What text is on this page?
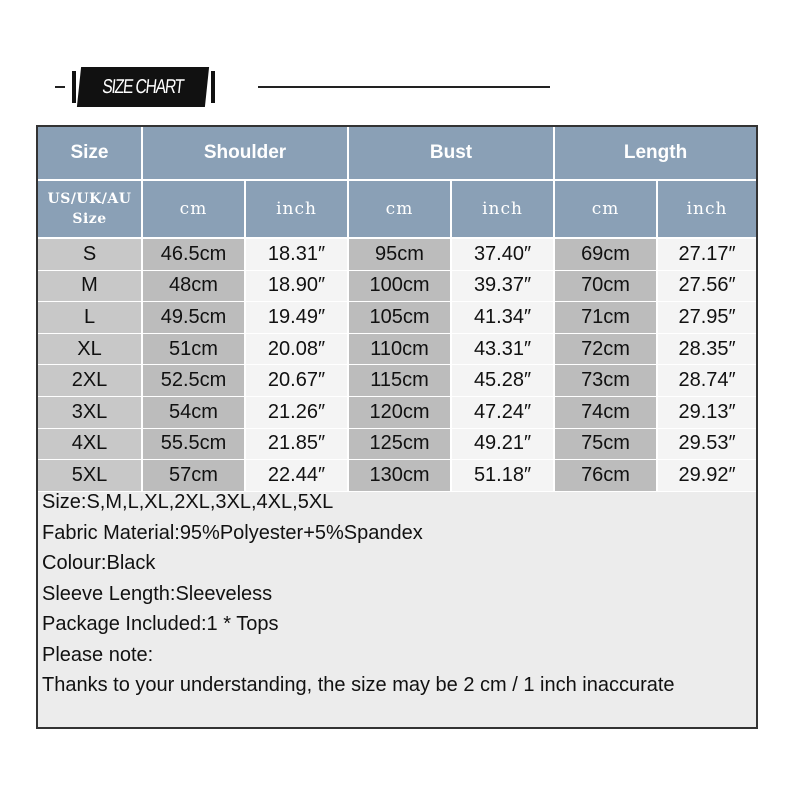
SIZE CHART
Size	Shoulder		Bust		Length	

US/UK/AU
Size	cm	inch	cm	inch	cm	inch
S	46.5cm	18.31″	95cm	37.40″	69cm	27.17″
M	48cm	18.90″	100cm	39.37″	70cm	27.56″
L	49.5cm	19.49″	105cm	41.34″	71cm	27.95″
XL	51cm	20.08″	110cm	43.31″	72cm	28.35″
2XL	52.5cm	20.67″	115cm	45.28″	73cm	28.74″
3XL	54cm	21.26″	120cm	47.24″	74cm	29.13″
4XL	55.5cm	21.85″	125cm	49.21″	75cm	29.53″
5XL	57cm	22.44″	130cm	51.18″	76cm	29.92″
Size:S,M,L,XL,2XL,3XL,4XL,5XL
Fabric Material:95%Polyester+5%Spandex
Colour:Black
Sleeve Length:Sleeveless
Package Included:1 * Tops
Please note:
Thanks to your understanding, the size may be 2 cm / 1 inch inaccurate
